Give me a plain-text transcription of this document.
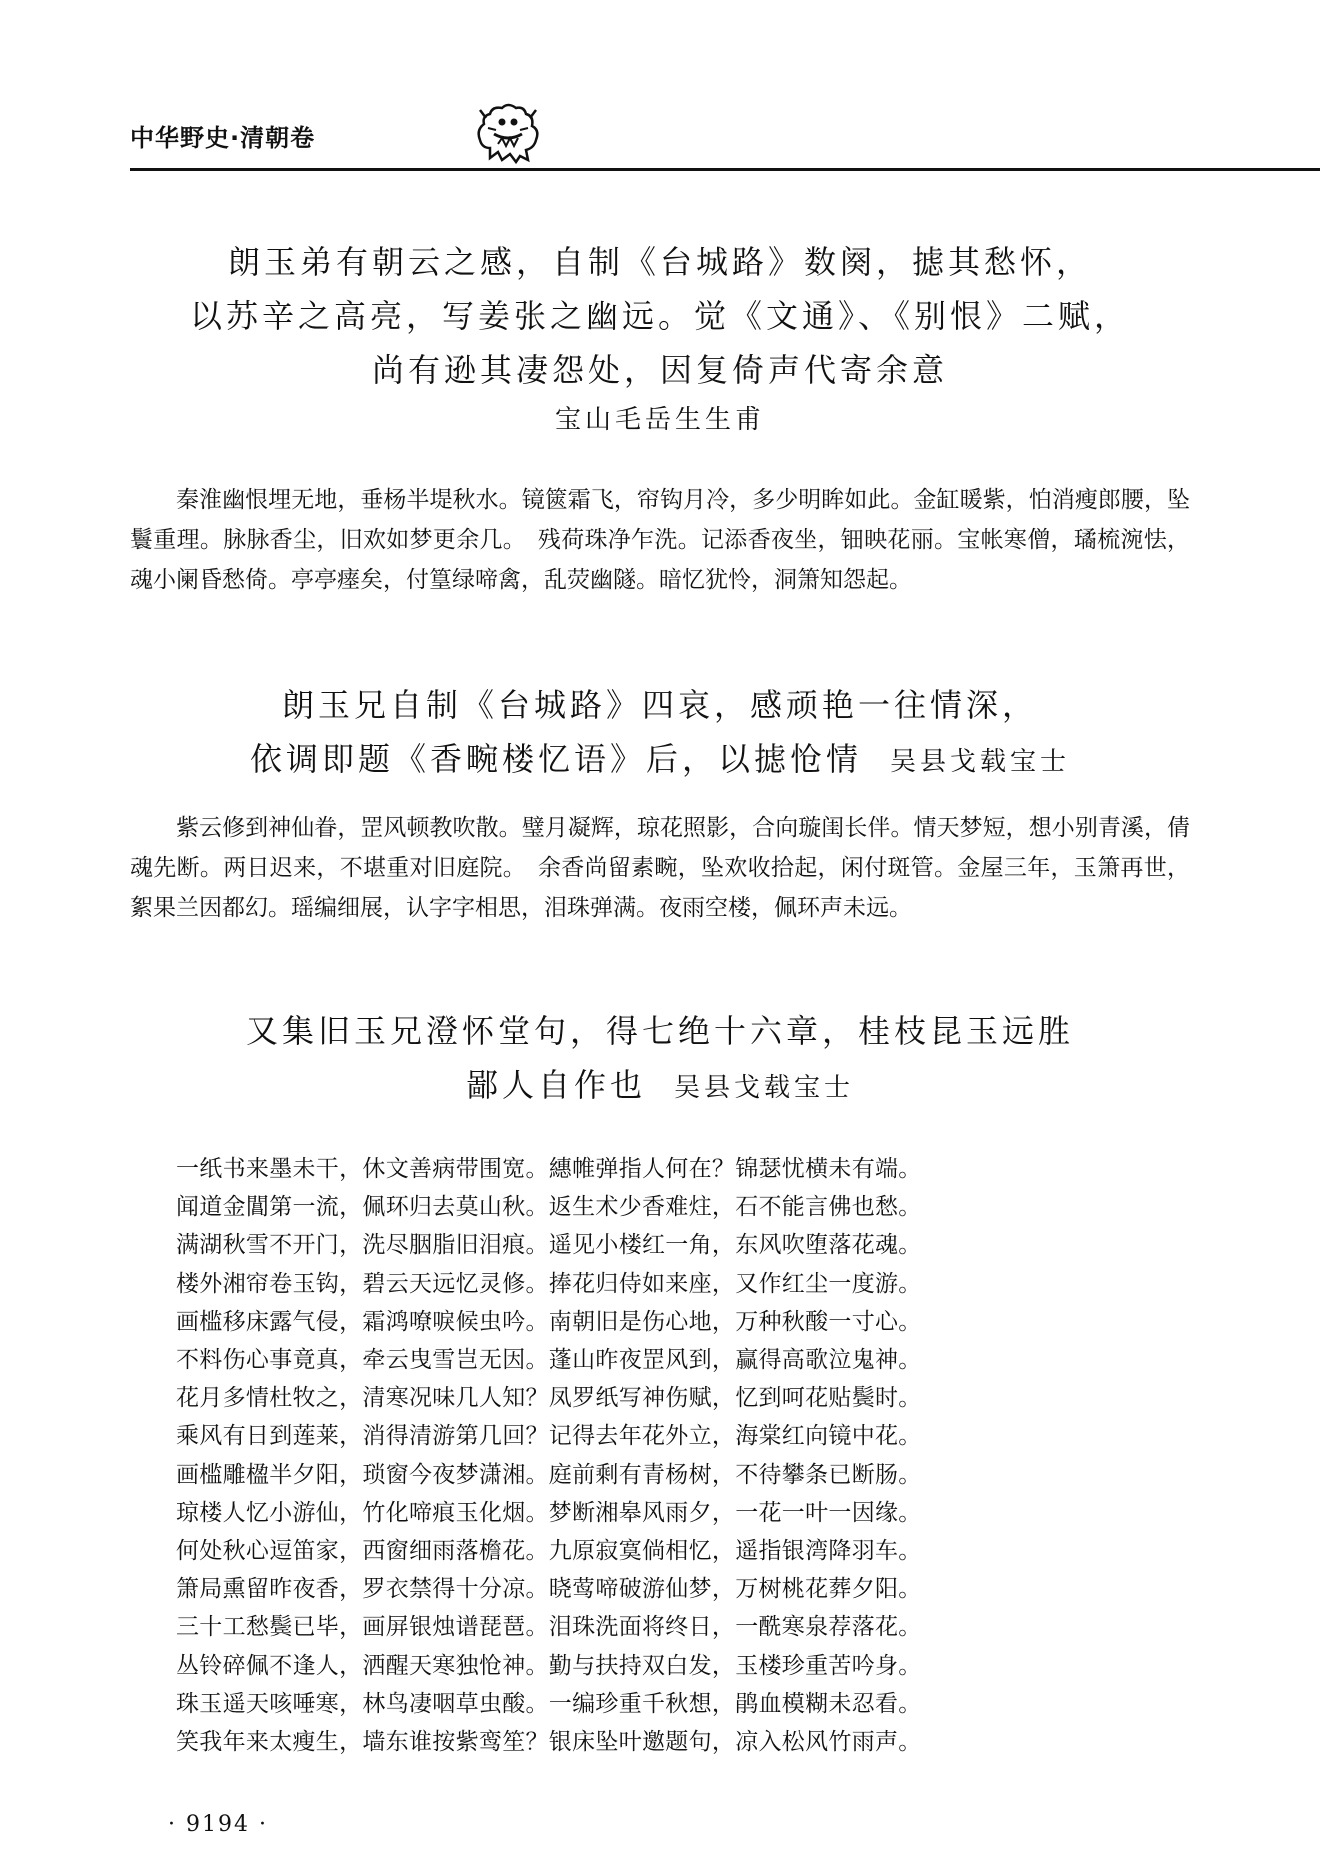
中华野史·清朝卷
朗玉弟有朝云之感，自制《台城路》数阕，摅其愁怀，
以苏辛之高亮，写姜张之幽远。觉《文通》、《别恨》二赋，
尚有逊其凄怨处，因复倚声代寄余意
宝山毛岳生生甫

秦淮幽恨埋无地，垂杨半堤秋水。镜篋霜飞，帘钩月冷，多少明眸如此。金缸暖紫，怕消瘦郎腰，坠鬟重理。脉脉香尘，旧欢如梦更余几。　残荷珠净乍洗。记添香夜坐，钿映花丽。宝帐寒僧，璚梳涴怯，魂小阑昏愁倚。亭亭瘗矣，付篁绿啼禽，乱荧幽隧。暗忆犹怜，洞箫知怨起。

朗玉兄自制《台城路》四哀，感顽艳一往情深，
依调即题《香畹楼忆语》后，以摅怆情 吴县戈载宝士

紫云修到神仙眷，罡风顿教吹散。璧月凝辉，琼花照影，合向璇闺长伴。情天梦短，想小别青溪，倩魂先断。两日迟来，不堪重对旧庭院。　余香尚留素畹，坠欢收拾起，闲付斑管。金屋三年，玉箫再世，絮果兰因都幻。瑶编细展，认字字相思，泪珠弹满。夜雨空楼，佩环声未远。

又集旧玉兄澄怀堂句，得七绝十六章，桂枝昆玉远胜
鄙人自作也 吴县戈载宝士
一纸书来墨未干，休文善病带围宽。繐帷弹指人何在？锦瑟忧横未有端。
闻道金閶第一流，佩环归去莫山秋。返生术少香难炷，石不能言佛也愁。
满湖秋雪不开门，洗尽胭脂旧泪痕。遥见小楼红一角，东风吹堕落花魂。
楼外湘帘卷玉钩，碧云天远忆灵修。捧花归侍如来座，又作红尘一度游。
画槛移床露气侵，霜鸿嘹唳候虫吟。南朝旧是伤心地，万种秋酸一寸心。
不料伤心事竟真，牵云曳雪岂无因。蓬山昨夜罡风到，赢得高歌泣鬼神。
花月多情杜牧之，清寒况味几人知？凤罗纸写神伤赋，忆到呵花贴鬓时。
乘风有日到莲莱，消得清游第几回？记得去年花外立，海棠红向镜中花。
画槛雕楹半夕阳，琐窗今夜梦潇湘。庭前剩有青杨树，不待攀条已断肠。
琼楼人忆小游仙，竹化啼痕玉化烟。梦断湘皋风雨夕，一花一叶一因缘。
何处秋心逗笛家，西窗细雨落檐花。九原寂寞倘相忆，遥指银湾降羽车。
箫局熏留昨夜香，罗衣禁得十分凉。晓莺啼破游仙梦，万树桃花葬夕阳。
三十工愁鬓已毕，画屏银烛谱琵琶。泪珠洗面将终日，一酰寒泉荐落花。
丛铃碎佩不逢人，洒醒天寒独怆神。勤与扶持双白发，玉楼珍重苦吟身。
珠玉遥天咳唾寒，林鸟凄咽草虫酸。一编珍重千秋想，鹃血模糊未忍看。
笑我年来太瘦生，墙东谁按紫鸾笙？银床坠叶邀题句，凉入松风竹雨声。
· 9194 ·
